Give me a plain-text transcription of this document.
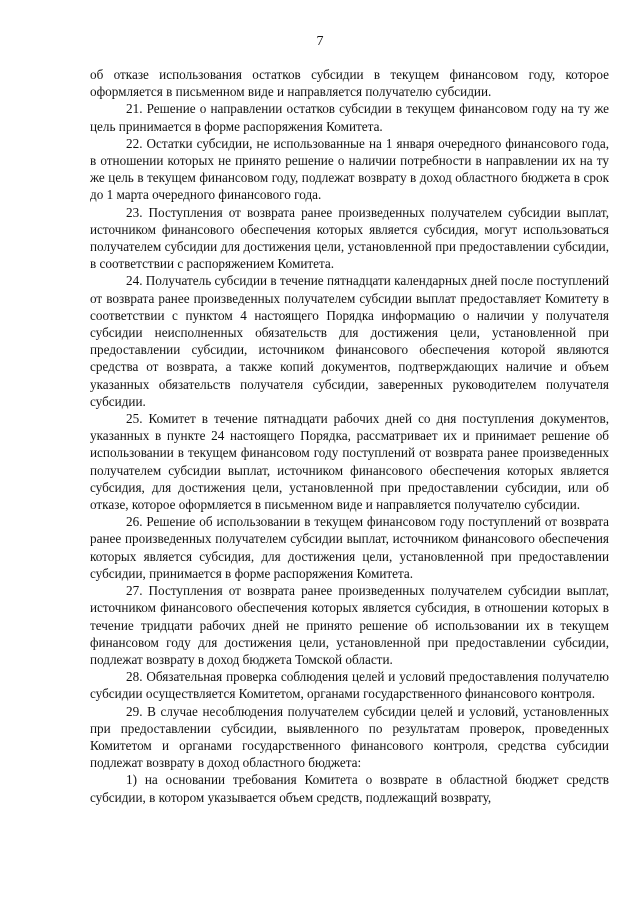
7

об отказе использования остатков субсидии в текущем финансовом году, которое оформляется в письменном виде и направляется получателю субсидии.

21. Решение о направлении остатков субсидии в текущем финансовом году на ту же цель принимается в форме распоряжения Комитета.

22. Остатки субсидии, не использованные на 1 января очередного финансового года, в отношении которых не принято решение о наличии потребности в направлении их на ту же цель в текущем финансовом году, подлежат возврату в доход областного бюджета в срок до 1 марта очередного финансового года.

23. Поступления от возврата ранее произведенных получателем субсидии выплат, источником финансового обеспечения которых является субсидия, могут использоваться получателем субсидии для достижения цели, установленной при предоставлении субсидии, в соответствии с распоряжением Комитета.

24. Получатель субсидии в течение пятнадцати календарных дней после поступлений от возврата ранее произведенных получателем субсидии выплат предоставляет Комитету в соответствии с пунктом 4 настоящего Порядка информацию о наличии у получателя субсидии неисполненных обязательств для достижения цели, установленной при предоставлении субсидии, источником финансового обеспечения которой являются средства от возврата, а также копий документов, подтверждающих наличие и объем указанных обязательств получателя субсидии, заверенных руководителем получателя субсидии.

25. Комитет в течение пятнадцати рабочих дней со дня поступления документов, указанных в пункте 24 настоящего Порядка, рассматривает их и принимает решение об использовании в текущем финансовом году поступлений от возврата ранее произведенных получателем субсидии выплат, источником финансового обеспечения которых является субсидия, для достижения цели, установленной при предоставлении субсидии, или об отказе, которое оформляется в письменном виде и направляется получателю субсидии.

26. Решение об использовании в текущем финансовом году поступлений от возврата ранее произведенных получателем субсидии выплат, источником финансового обеспечения которых является субсидия, для достижения цели, установленной при предоставлении субсидии, принимается в форме распоряжения Комитета.

27. Поступления от возврата ранее произведенных получателем субсидии выплат, источником финансового обеспечения которых является субсидия, в отношении которых в течение тридцати рабочих дней не принято решение об использовании их в текущем финансовом году для достижения цели, установленной при предоставлении субсидии, подлежат возврату в доход бюджета Томской области.

28. Обязательная проверка соблюдения целей и условий предоставления получателю субсидии осуществляется Комитетом, органами государственного финансового контроля.

29. В случае несоблюдения получателем субсидии целей и условий, установленных при предоставлении субсидии, выявленного по результатам проверок, проведенных Комитетом и органами государственного финансового контроля, средства субсидии подлежат возврату в доход областного бюджета:

1) на основании требования Комитета о возврате в областной бюджет средств субсидии, в котором указывается объем средств, подлежащий возврату,
